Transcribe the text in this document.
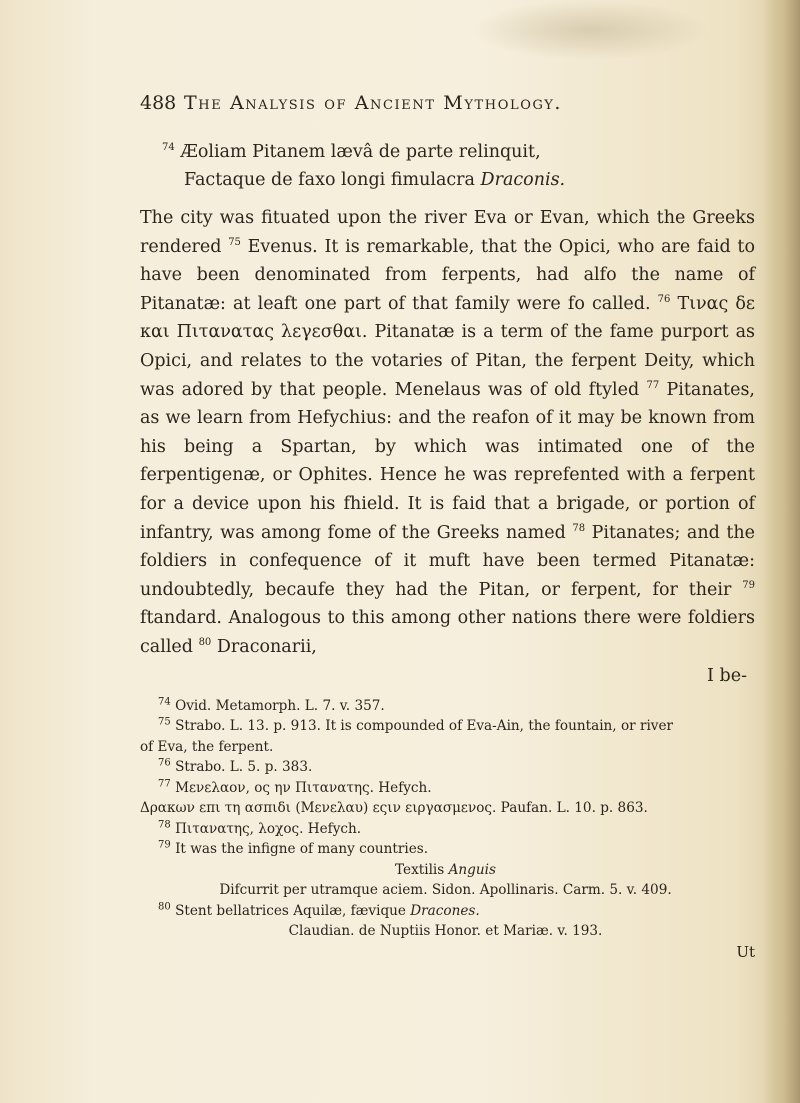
488 The Analysis of Ancient Mythology.
$^{74}$ Æoliam Pitanem lævâ de parte relinquit,
Factaque de faxo longi fimulacra Draconis.

The city was fituated upon the river Eva or Evan, which the Greeks rendered $^{75}$ Evenus. It is remarkable, that the Opici, who are faid to have been denominated from ferpents, had alfo the name of Pitanatæ: at leaft one part of that family were fo called. $^{76}$ Τινας δε και Πιτανατας λεγεσθαι. Pitanatæ is a term of the fame purport as Opici, and relates to the votaries of Pitan, the ferpent Deity, which was adored by that people. Menelaus was of old ftyled $^{77}$ Pitanates, as we learn from Hefychius: and the reafon of it may be known from his being a Spartan, by which was intimated one of the ferpentigenæ, or Ophites. Hence he was reprefented with a ferpent for a device upon his fhield. It is faid that a brigade, or portion of infantry, was among fome of the Greeks named $^{78}$ Pitanates; and the foldiers in confequence of it muft have been termed Pitanatæ: undoubtedly, becaufe they had the Pitan, or ferpent, for their $^{79}$ ftandard. Analogous to this among other nations there were foldiers called $^{80}$ Draconarii,

I be-
$^{74}$ Ovid. Metamorph. L. 7. v. 357.
$^{75}$ Strabo. L. 13. p. 913. It is compounded of Eva-Ain, the fountain, or river
of Eva, the ferpent.
$^{76}$ Strabo. L. 5. p. 383.
$^{77}$ Μενελαον, ος ην Πιτανατης. Hefych.
Δρακων επι τη ασπιδι (Μενελαυ) εςιν ειργασμενος. Paufan. L. 10. p. 863.
$^{78}$ Πιτανατης, λοχος. Hefych.
$^{79}$ It was the infigne of many countries.
Textilis Anguis
Difcurrit per utramque aciem. Sidon. Apollinaris. Carm. 5. v. 409.
$^{80}$ Stent bellatrices Aquilæ, fævique Dracones.
Claudian. de Nuptiis Honor. et Mariæ. v. 193.
Ut
